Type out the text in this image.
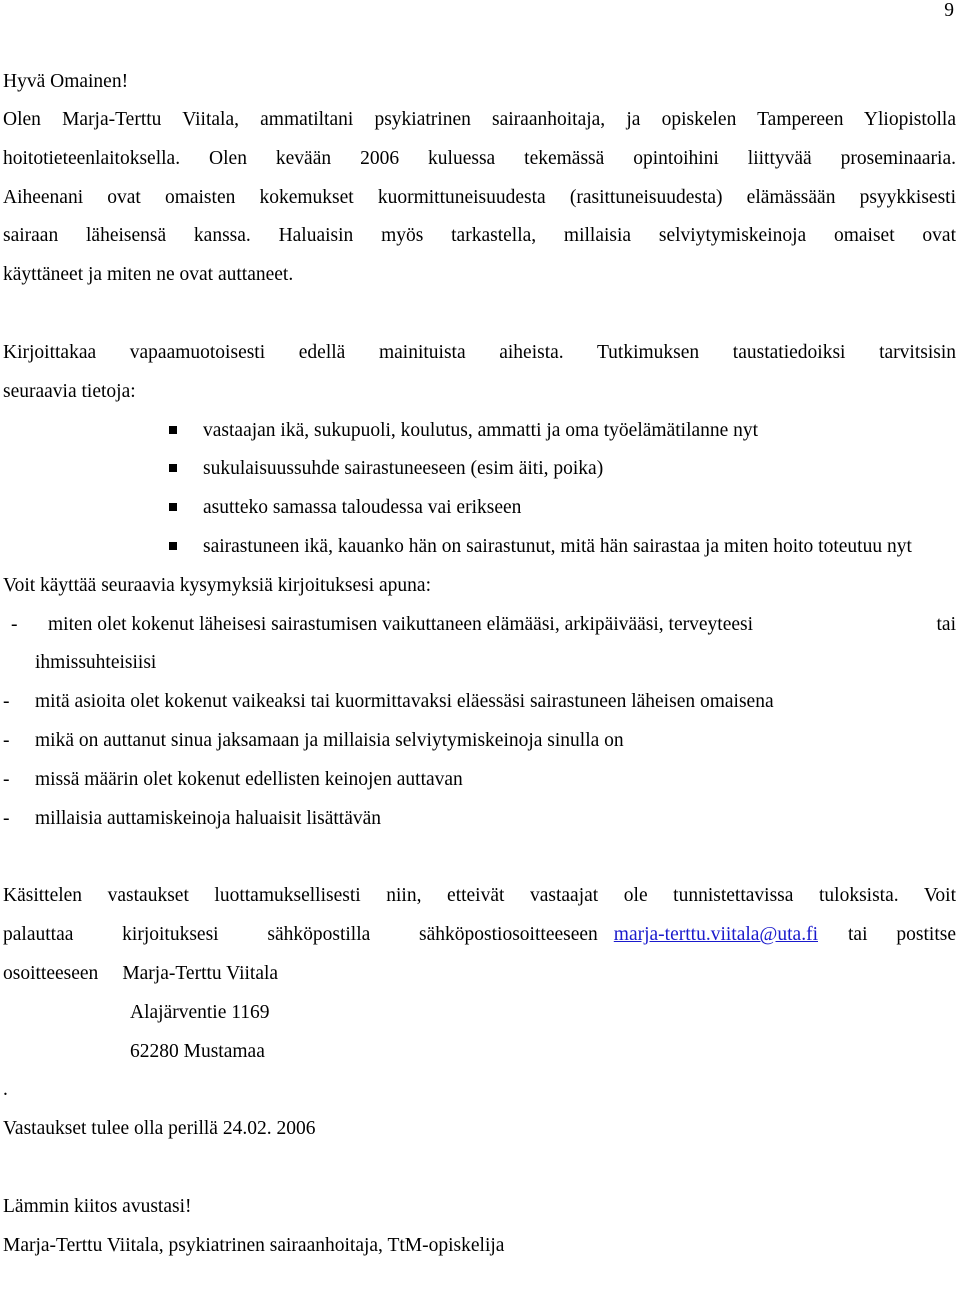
9

Hyvä Omainen!

Olen Marja-Terttu Viitala, ammatiltani psykiatrinen sairaanhoitaja, ja opiskelen Tampereen Yliopistolla
hoitotieteenlaitoksella. Olen kevään 2006 kuluessa tekemässä opintoihini liittyvää proseminaaria.
Aiheenani ovat omaisten kokemukset kuormittuneisuudesta (rasittuneisuudesta) elämässään psyykkisesti
sairaan läheisensä kanssa. Haluaisin myös tarkastella, millaisia selviytymiskeinoja omaiset ovat
käyttäneet ja miten ne ovat auttaneet.
Kirjoittakaa vapaamuotoisesti edellä mainituista aiheista. Tutkimuksen taustatiedoiksi tarvitsisin
seuraavia tietoja:
vastaajan ikä, sukupuoli, koulutus, ammatti ja oma työelämätilanne nyt
sukulaisuussuhde sairastuneeseen (esim äiti, poika)
asutteko samassa taloudessa vai erikseen
sairastuneen ikä, kauanko hän on sairastunut, mitä hän sairastaa ja miten hoito toteutuu nyt

Voit käyttää seuraavia kysymyksiä kirjoituksesi apuna:

- miten olet kokenut läheisesi sairastumisen vaikuttaneen elämääsi, arkipäivääsi, terveyteesi	tai
ihmissuhteisiisi
- mitä asioita olet kokenut vaikeaksi tai kuormittavaksi eläessäsi sairastuneen läheisen omaisena
- mikä on auttanut sinua jaksamaan ja millaisia selviytymiskeinoja sinulla on
- missä määrin olet kokenut edellisten keinojen auttavan
- millaisia auttamiskeinoja haluaisit lisättävän
Käsittelen vastaukset luottamuksellisesti niin, etteivät vastaajat ole tunnistettavissa tuloksista. Voit
palauttaa kirjoituksesi sähköpostilla sähköpostiosoitteeseen marja-terttu.viitala@uta.fi tai postitse
osoitteeseen Marja-Terttu Viitala
Alajärventie 1169
62280 Mustamaa

.

Vastaukset tulee olla perillä 24.02. 2006

Lämmin kiitos avustasi!

Marja-Terttu Viitala, psykiatrinen sairaanhoitaja, TtM-opiskelija
